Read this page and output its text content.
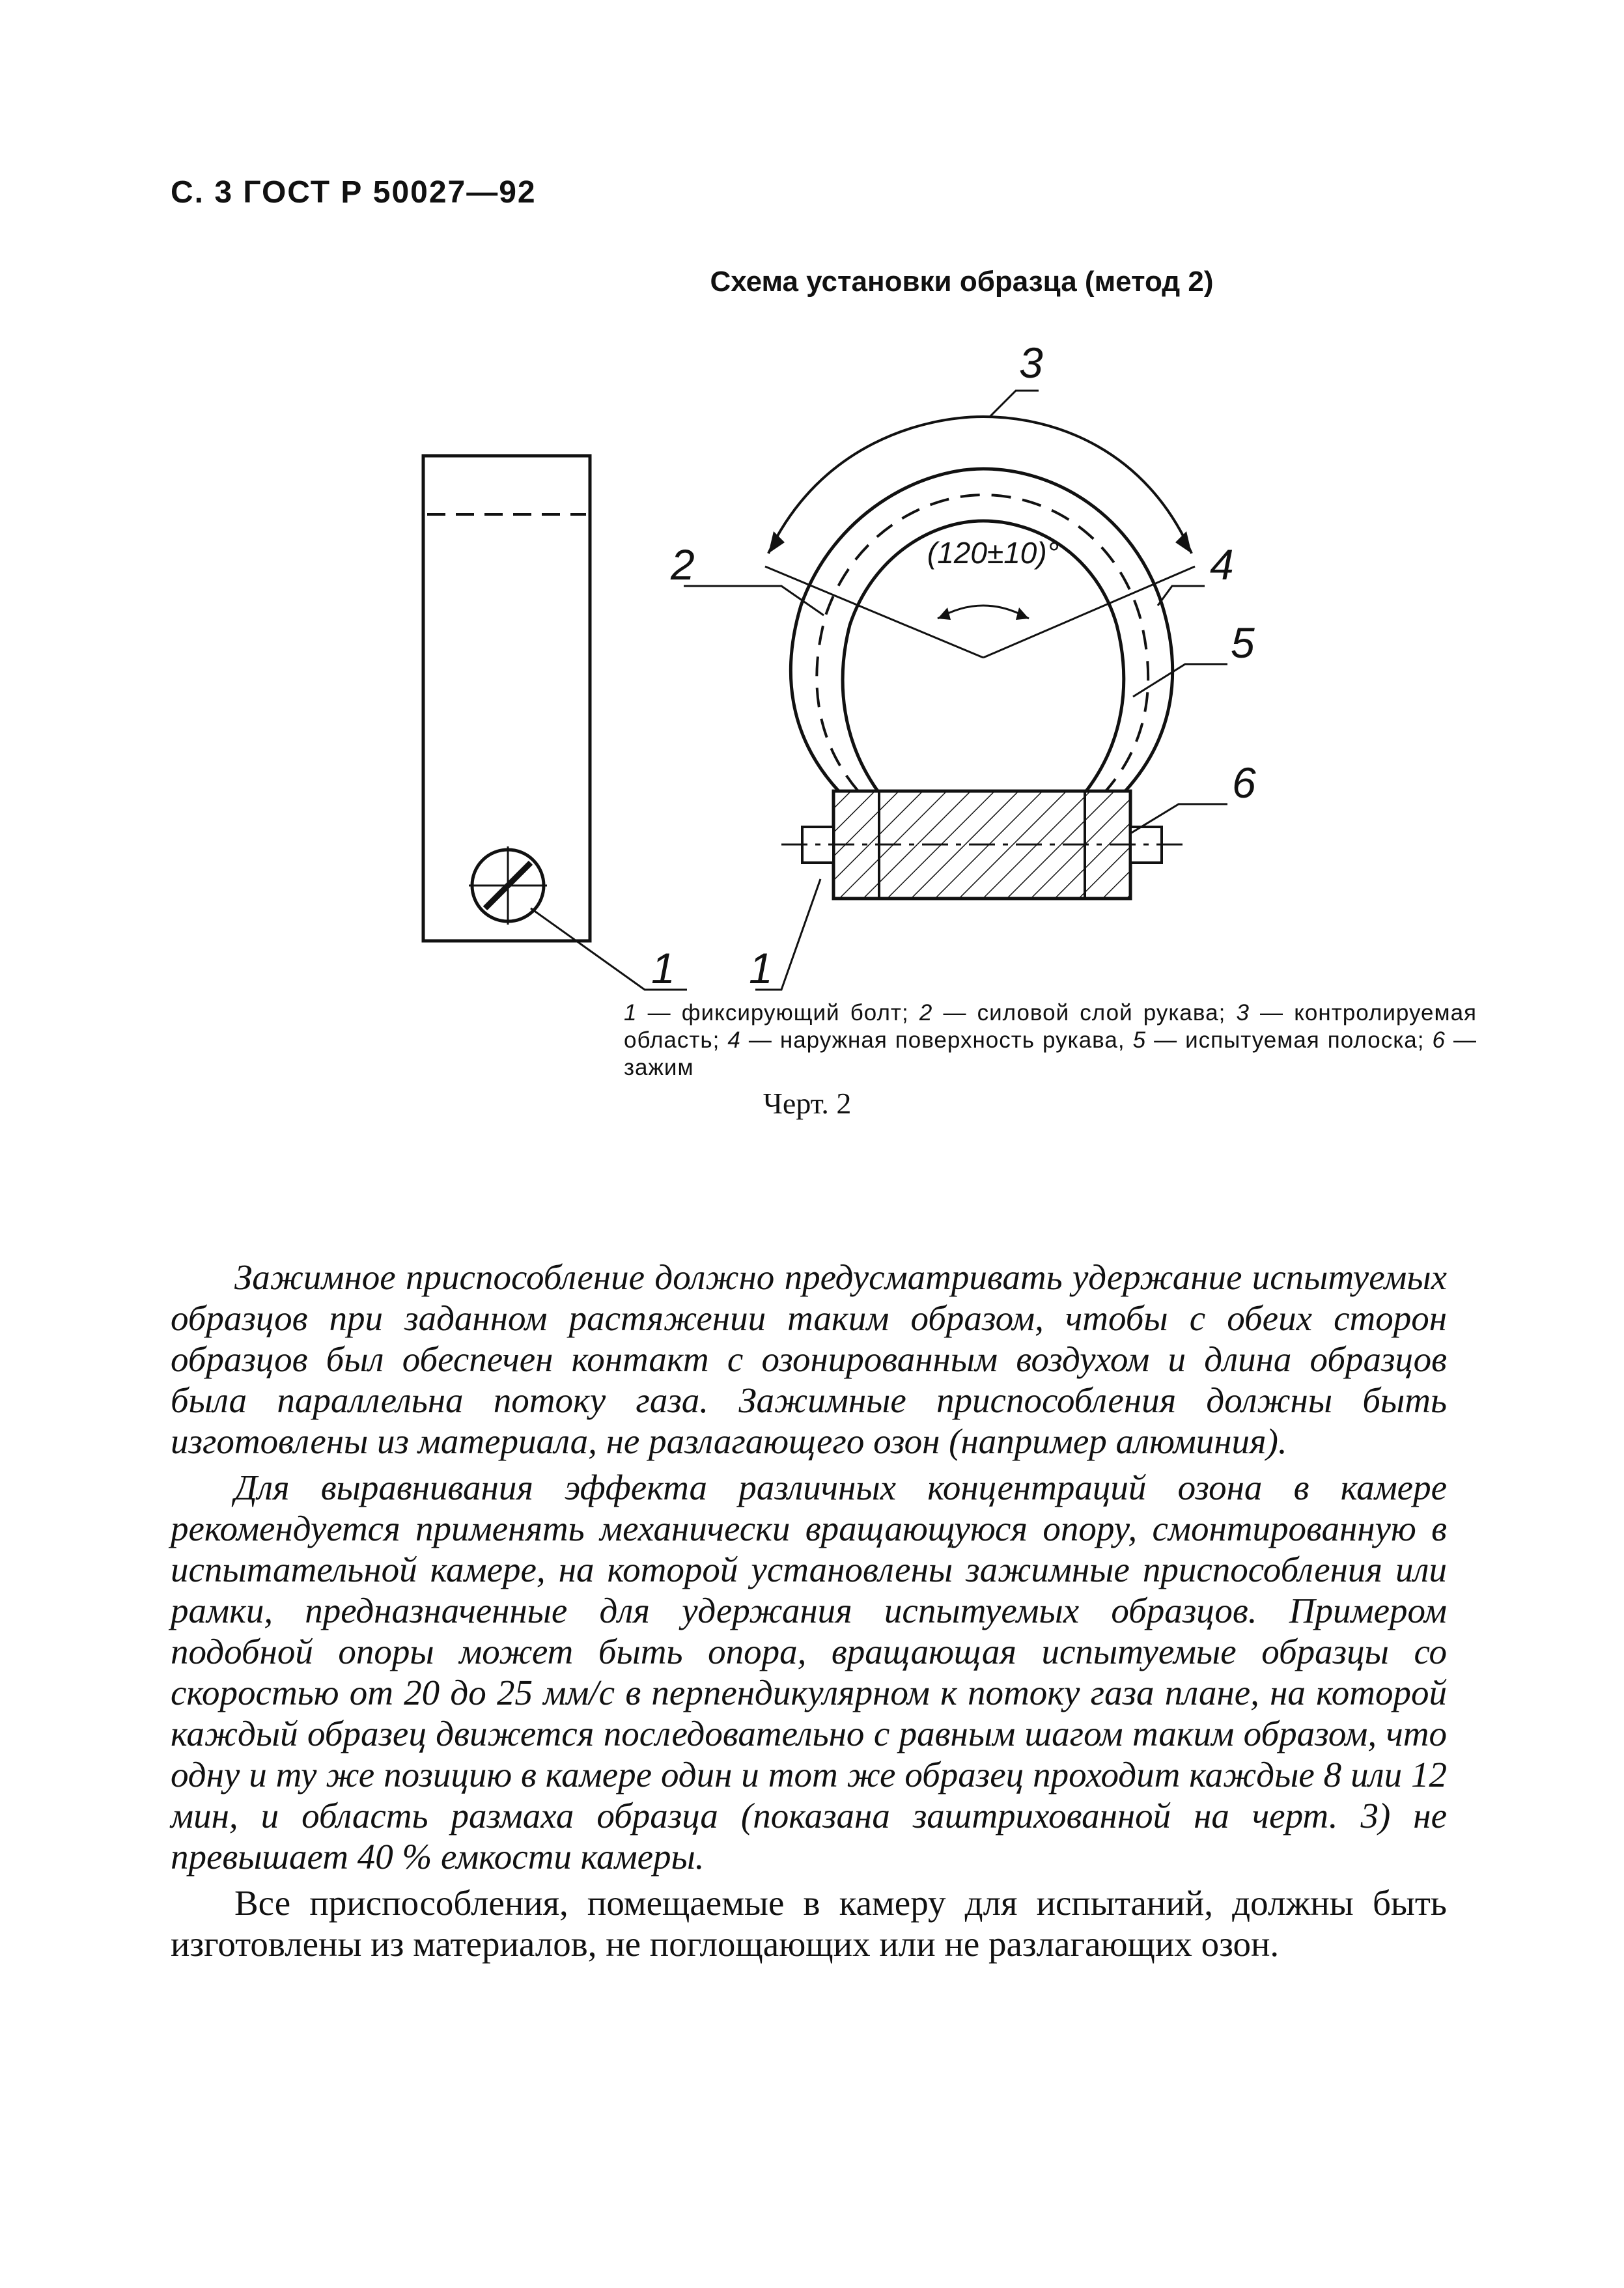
С. 3 ГОСТ Р 50027—92
Схема установки образца (метод 2)
3
2	4
5
6
1 1
(120±10)°
1 — фиксирующий болт; 2 — силовой слой рукава; 3 — контролируемая область; 4 — наружная поверхность рукава, 5 — испытуемая полоска; 6 — зажим
Черт. 2

Зажимное приспособление должно предусматривать удержание испытуемых образцов при заданном растяжении таким образом, чтобы с обеих сторон образцов был обеспечен контакт с озонированным воздухом и длина образцов была параллельна потоку газа. Зажимные приспособления должны быть изготовлены из материала, не разлагающего озон (например алюминия).

Для выравнивания эффекта различных концентраций озона в камере рекомендуется применять механически вращающуюся опору, смонтированную в испытательной камере, на которой установлены зажимные приспособления или рамки, предназначенные для удержания испытуемых образцов. Примером подобной опоры может быть опора, вращающая испытуемые образцы со скоростью от 20 до 25 мм/с в перпендикулярном к потоку газа плане, на которой каждый образец движется последовательно с равным шагом таким образом, что одну и ту же позицию в камере один и тот же образец проходит каждые 8 или 12 мин, и область размаха образца (показана заштрихованной на черт. 3) не превышает 40 % емкости камеры.

Все приспособления, помещаемые в камеру для испытаний, должны быть изготовлены из материалов, не поглощающих или не разлагающих озон.
